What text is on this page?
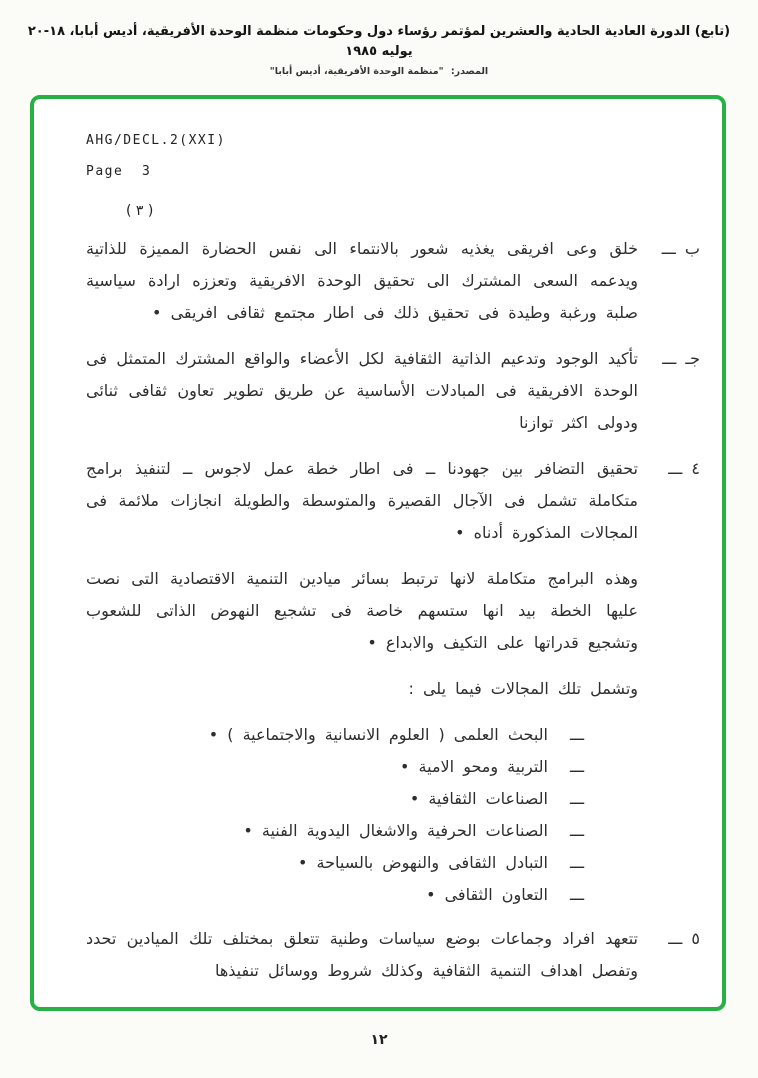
(تابع) الدورة العادية الحادية والعشرين لمؤتمر رؤساء دول وحكومات منظمة الوحدة الأفريقية، أديس أبابا، ١٨-٢٠ يوليه ١٩٨٥
المصدر: "منظمة الوحدة الأفريقية، أديس أبابا"
AHG/DECL.2(XXI)
Page  3
( ٣ )
ب ـــ
خلق وعى افريقى يغذيه شعور بالانتماء الى نفس الحضارة المميزة للذاتية ويدعمه السعى المشترك الى تحقيق الوحدة الافريقية وتعززه ارادة سياسية صلبة ورغبة وطيدة فى تحقيق ذلك فى اطار مجتمع ثقافى افريقى •
جـ ـــ
تأكيد الوجود وتدعيم الذاتية الثقافية لكل الأعضاء والواقع المشترك المتمثل فى الوحدة الافريقية فى المبادلات الأساسية عن طريق تطوير تعاون ثقافى ثنائى ودولى اكثر توازنا
٤ ـــ
تحقيق التضافر بين جهودنا ــ فى اطار خطة عمل لاجوس ــ لتنفيذ برامج متكاملة تشمل فى الآجال القصيرة والمتوسطة والطويلة انجازات ملائمة فى المجالات المذكورة أدناه •

وهذه البرامج متكاملة لانها ترتبط بسائر ميادين التنمية الاقتصادية التى نصت عليها الخطة بيد انها ستسهم خاصة فى تشجيع النهوض الذاتى للشعوب وتشجيع قدراتها على التكيف والابداع •

وتشمل تلك المجالات فيما يلى :

ـــ
البحث العلمى ( العلوم الانسانية والاجتماعية ) •
ـــ
التربية ومحو الامية •
ـــ
الصناعات الثقافية •
ـــ
الصناعات الحرفية والاشغال اليدوية الفنية •
ـــ
التبادل الثقافى والنهوض بالسياحة •
ـــ
التعاون الثقافى •
٥ ـــ
تتعهد افراد وجماعات بوضع سياسات وطنية تتعلق بمختلف تلك الميادين تحدد وتفصل اهداف التنمية الثقافية وكذلك شروط ووسائل تنفيذها
١٢
